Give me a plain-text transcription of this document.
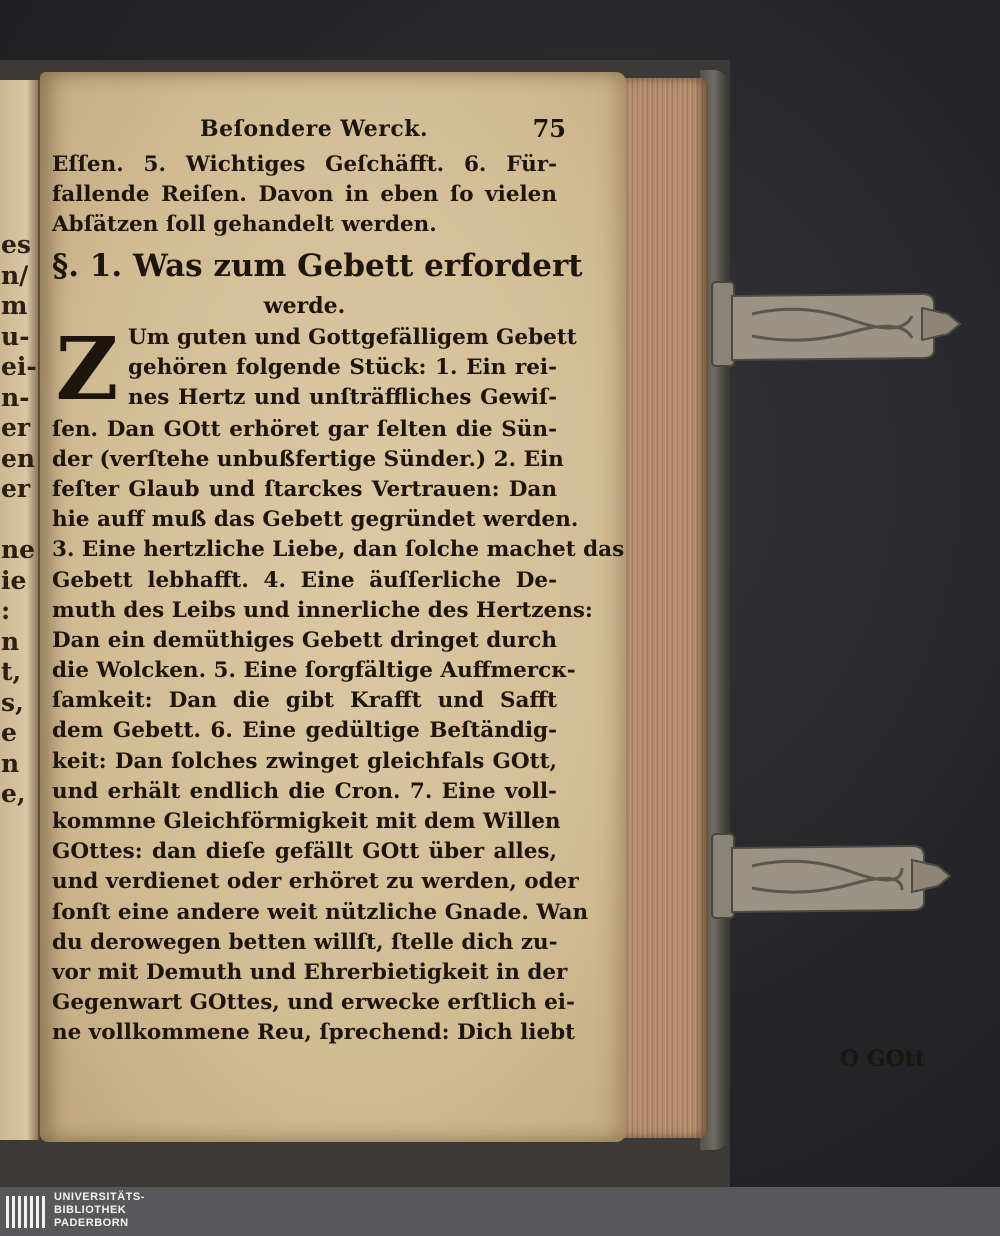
es
n/
m
u-
ei-
n-
er
en
er
ne
ie
:
n
t,
s,
e
n
e,
Beſondere Werck.	75
Eſſen. 5. Wichtiges Geſchäfft. 6. Für-
fallende Reiſen. Davon in eben ſo vielen
Abſätzen ſoll gehandelt werden.
§. 1. Was zum Gebett erfordert
werde.
Z Um guten und Gottgefälligem Gebett
gehören folgende Stück: 1. Ein rei-
nes Hertz und unſträffliches Gewiſ-
ſen. Dan GOtt erhöret gar ſelten die Sün-
der (verſtehe unbußfertige Sünder.) 2. Ein
feſter Glaub und ſtarckes Vertrauen: Dan
hie auff muß das Gebett gegründet werden.
3. Eine hertzliche Liebe, dan ſolche machet das
Gebett lebhafft. 4. Eine äuſſerliche De-
muth des Leibs und innerliche des Hertzens:
Dan ein demüthiges Gebett dringet durch
die Wolcken. 5. Eine ſorgfältige Auffmercк-
ſamkeit: Dan die gibt Krafft und Safft
dem Gebett. 6. Eine gedültige Beſtändig-
keit: Dan ſolches zwinget gleichfals GOtt,
und erhält endlich die Cron. 7. Eine voll-
kommne Gleichförmigkeit mit dem Willen
GOttes: dan dieſe gefällt GOtt über alles,
und verdienet oder erhöret zu werden, oder
ſonſt eine andere weit nützliche Gnade. Wan
du derowegen betten willſt, ſtelle dich zu-
vor mit Demuth und Ehrerbietigkeit in der
Gegenwart GOttes, und erwecke erſtlich ei-
ne vollkommene Reu, ſprechend: Dich liebt
O GOtt
UNIVERSITÄTS-
BIBLIOTHEK
PADERBORN
